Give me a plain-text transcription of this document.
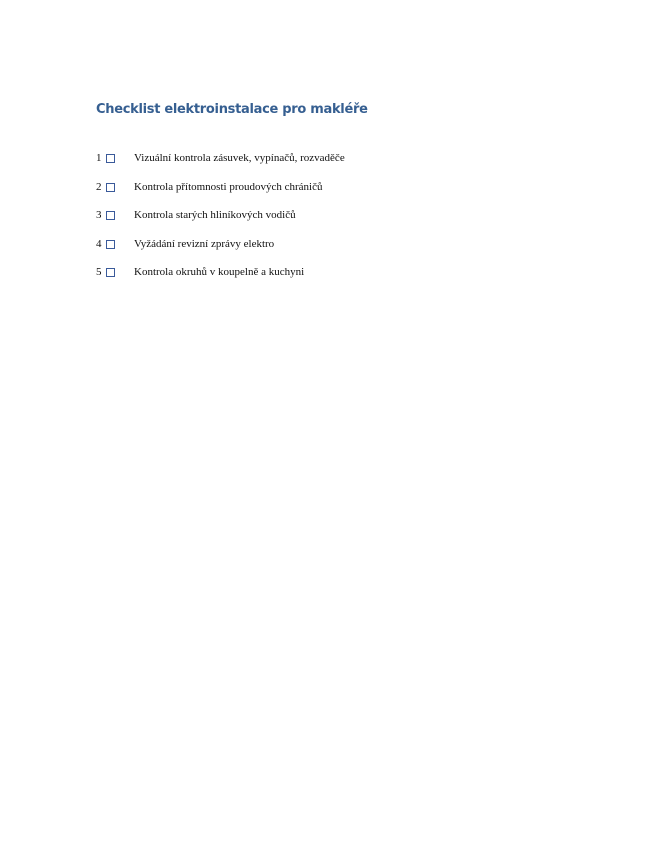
Checklist elektroinstalace pro makléře
1	Vizuální kontrola zásuvek, vypínačů, rozvaděče
2	Kontrola přítomnosti proudových chráničů
3	Kontrola starých hliníkových vodičů
4	Vyžádání revizní zprávy elektro
5	Kontrola okruhů v koupelně a kuchyni
